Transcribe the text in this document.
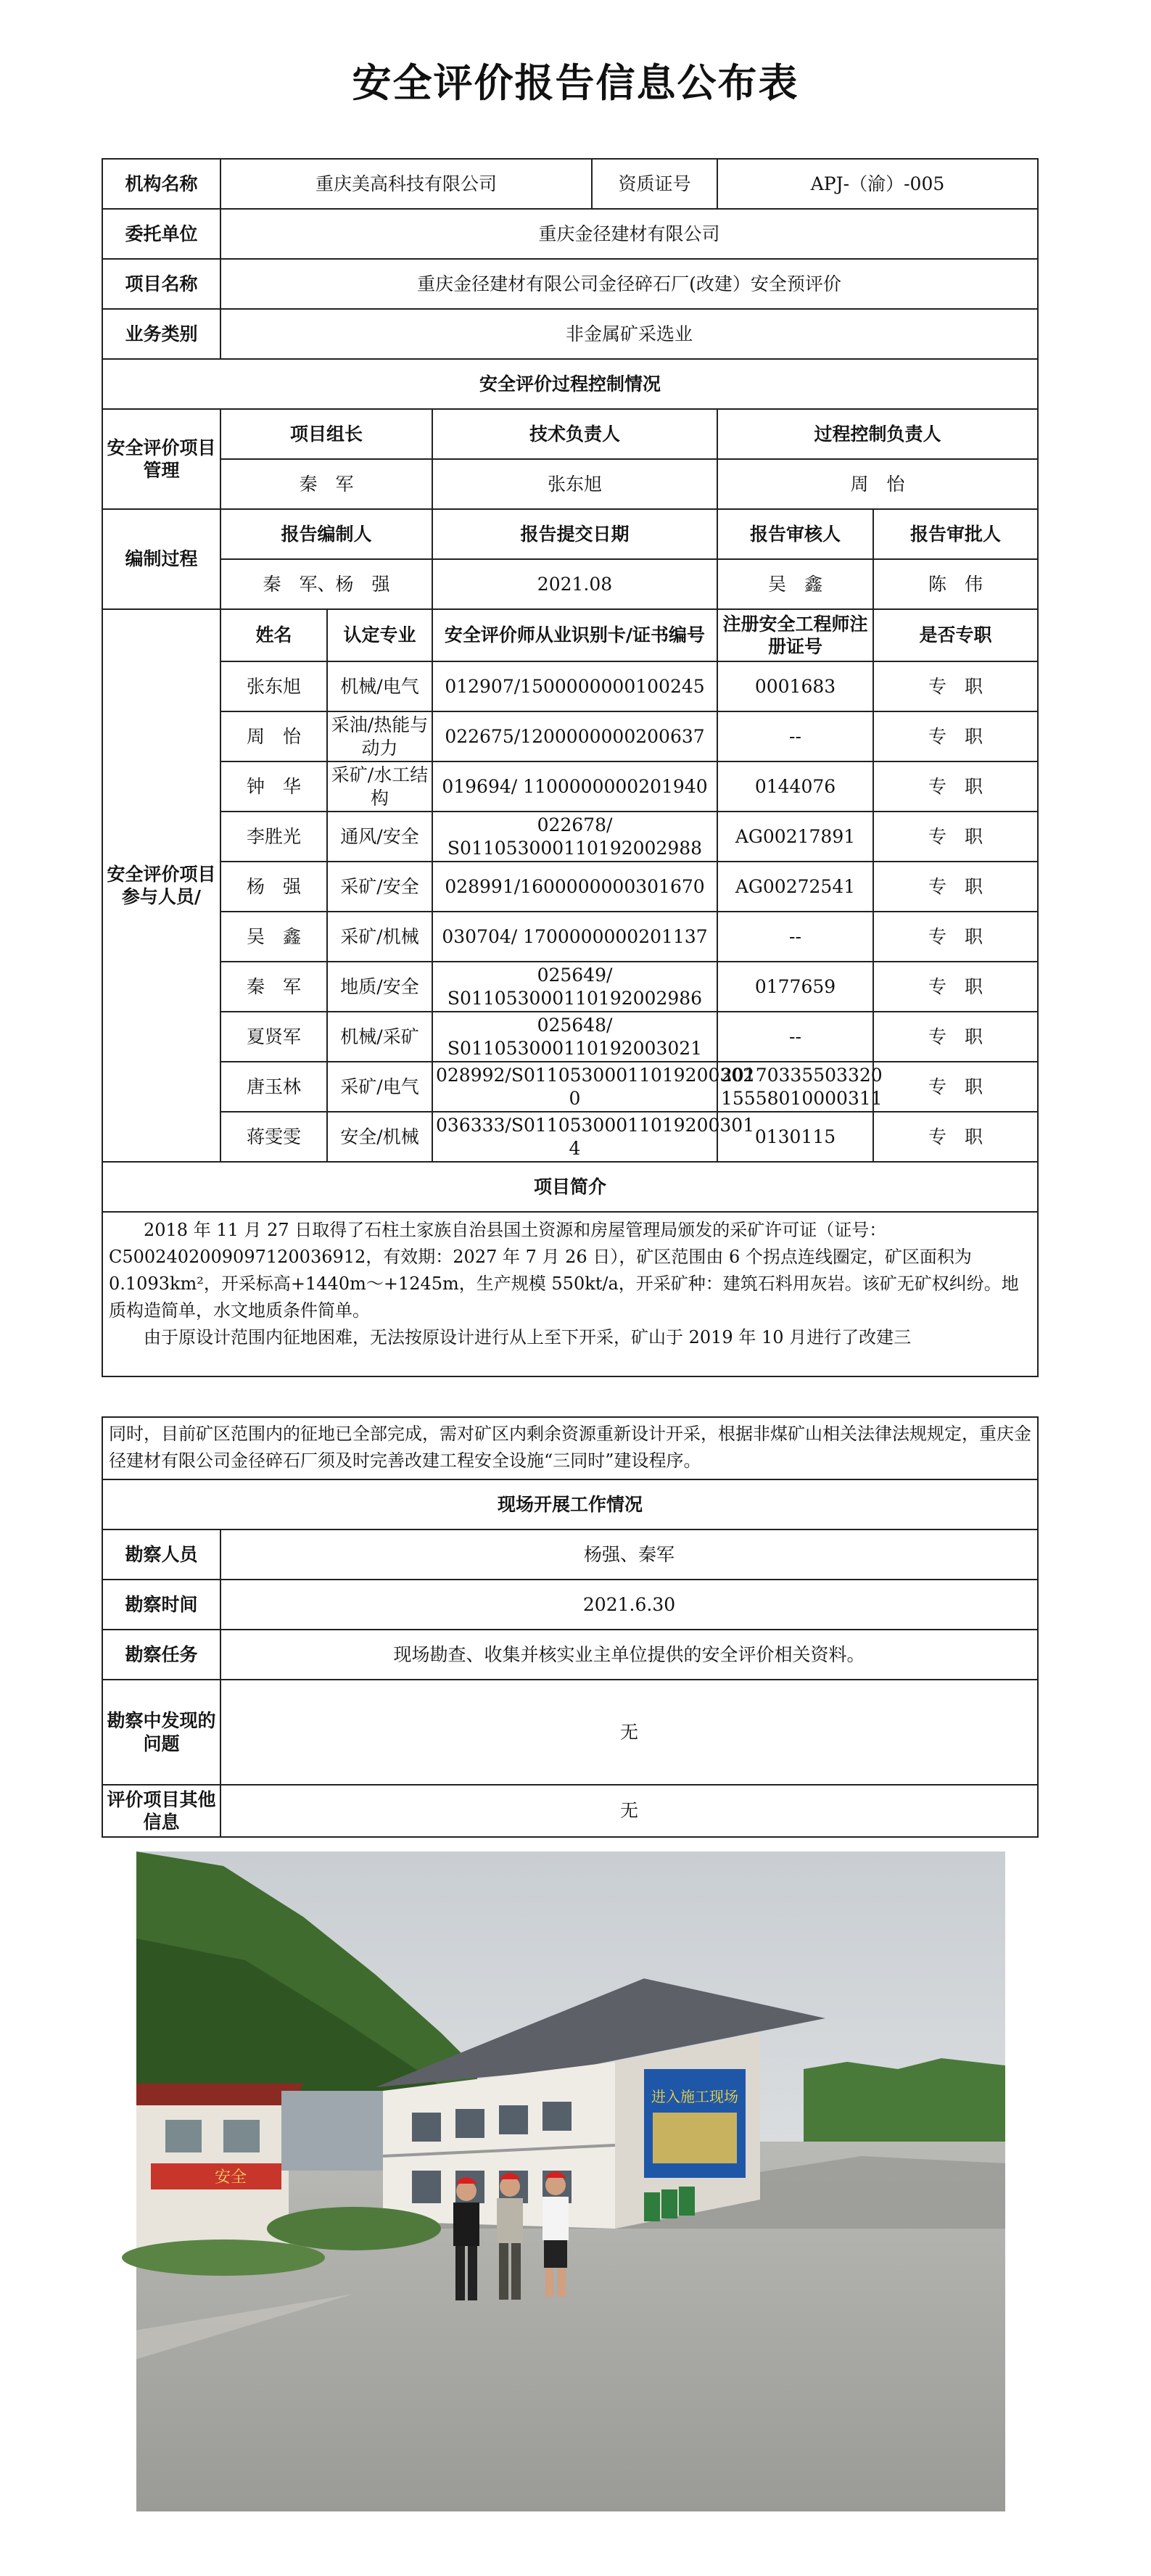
安全评价报告信息公布表
机构名称	重庆美高科技有限公司			资质证号	APJ-（渝）-005	
委托单位	重庆金径建材有限公司					
项目名称	重庆金径建材有限公司金径碎石厂(改建）安全预评价					
业务类别	非金属矿采选业					
安全评价过程控制情况						
安全评价项目管理	项目组长		技术负责人		过程控制负责人	
	秦　军		张东旭		周　怡	
编制过程	报告编制人		报告提交日期		报告审核人	报告审批人
	秦　军、杨　强		2021.08		吴　鑫	陈　伟
安全评价项目参与人员/	姓名	认定专业	安全评价师从业识别卡/证书编号		注册安全工程师注册证号	是否专职
	张东旭	机械/电气	012907/1500000000100245		0001683	专　职
	周　怡	采油/热能与动力	022675/1200000000200637		--	专　职
	钟　华	采矿/水工结构	019694/ 1100000000201940		0144076	专　职
	李胜光	通风/安全	022678/ S011053000110192002988		AG00217891	专　职
	杨　强	采矿/安全	028991/1600000000301670		AG00272541	专　职
	吴　鑫	采矿/机械	030704/ 1700000000201137		--	专　职
	秦　军	地质/安全	025649/ S011053000110192002986		0177659	专　职
	夏贤军	机械/采矿	025648/ S011053000110192003021		--	专　职
	唐玉林	采矿/电气	028992/S01105300011019200302 0		20170335503320 15558010000311	专　职
	蒋雯雯	安全/机械	036333/S01105300011019200301 4		0130115	专　职
项目简介						

2018 年 11 月 27 日取得了石柱土家族自治县国土资源和房屋管理局颁发的采矿许可证（证号：C5002402009097120036912，有效期：2027 年 7 月 26 日），矿区范围由 6 个拐点连线圈定，矿区面积为 0.1093km²，开采标高+1440m～+1245m，生产规模 550kt/a，开采矿种：建筑石料用灰岩。该矿无矿权纠纷。地质构造简单，水文地质条件简单。
由于原设计范围内征地困难，无法按原设计进行从上至下开采，矿山于 2019 年 10 月进行了改建三						
同时，目前矿区范围内的征地已全部完成，需对矿区内剩余资源重新设计开采，根据非煤矿山相关法律法规规定，重庆金径建材有限公司金径碎石厂须及时完善改建工程安全设施“三同时”建设程序。	
现场开展工作情况	
勘察人员	杨强、秦军
勘察时间	2021.6.30
勘察任务	现场勘查、收集并核实业主单位提供的安全评价相关资料。
勘察中发现的问题	无
评价项目其他信息	无
安全
进入施工现场
